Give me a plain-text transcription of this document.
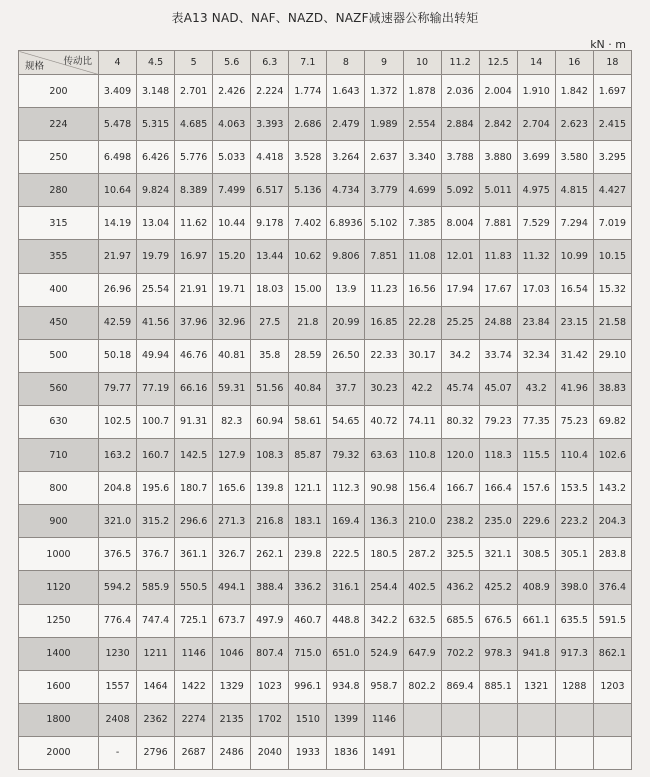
表A13 NAD、NAF、NAZD、NAZF减速器公称输出转矩
kN · m
传动比
规格	4	4.5	5	5.6	6.3	7.1	8	9	10	11.2	12.5	14	16	18
200	3.409	3.148	2.701	2.426	2.224	1.774	1.643	1.372	1.878	2.036	2.004	1.910	1.842	1.697
224	5.478	5.315	4.685	4.063	3.393	2.686	2.479	1.989	2.554	2.884	2.842	2.704	2.623	2.415
250	6.498	6.426	5.776	5.033	4.418	3.528	3.264	2.637	3.340	3.788	3.880	3.699	3.580	3.295
280	10.64	9.824	8.389	7.499	6.517	5.136	4.734	3.779	4.699	5.092	5.011	4.975	4.815	4.427
315	14.19	13.04	11.62	10.44	9.178	7.402	6.8936	5.102	7.385	8.004	7.881	7.529	7.294	7.019
355	21.97	19.79	16.97	15.20	13.44	10.62	9.806	7.851	11.08	12.01	11.83	11.32	10.99	10.15
400	26.96	25.54	21.91	19.71	18.03	15.00	13.9	11.23	16.56	17.94	17.67	17.03	16.54	15.32
450	42.59	41.56	37.96	32.96	27.5	21.8	20.99	16.85	22.28	25.25	24.88	23.84	23.15	21.58
500	50.18	49.94	46.76	40.81	35.8	28.59	26.50	22.33	30.17	34.2	33.74	32.34	31.42	29.10
560	79.77	77.19	66.16	59.31	51.56	40.84	37.7	30.23	42.2	45.74	45.07	43.2	41.96	38.83
630	102.5	100.7	91.31	82.3	60.94	58.61	54.65	40.72	74.11	80.32	79.23	77.35	75.23	69.82
710	163.2	160.7	142.5	127.9	108.3	85.87	79.32	63.63	110.8	120.0	118.3	115.5	110.4	102.6
800	204.8	195.6	180.7	165.6	139.8	121.1	112.3	90.98	156.4	166.7	166.4	157.6	153.5	143.2
900	321.0	315.2	296.6	271.3	216.8	183.1	169.4	136.3	210.0	238.2	235.0	229.6	223.2	204.3
1000	376.5	376.7	361.1	326.7	262.1	239.8	222.5	180.5	287.2	325.5	321.1	308.5	305.1	283.8
1120	594.2	585.9	550.5	494.1	388.4	336.2	316.1	254.4	402.5	436.2	425.2	408.9	398.0	376.4
1250	776.4	747.4	725.1	673.7	497.9	460.7	448.8	342.2	632.5	685.5	676.5	661.1	635.5	591.5
1400	1230	1211	1146	1046	807.4	715.0	651.0	524.9	647.9	702.2	978.3	941.8	917.3	862.1
1600	1557	1464	1422	1329	1023	996.1	934.8	958.7	802.2	869.4	885.1	1321	1288	1203
1800	2408	2362	2274	2135	1702	1510	1399	1146						
2000	-	2796	2687	2486	2040	1933	1836	1491						
